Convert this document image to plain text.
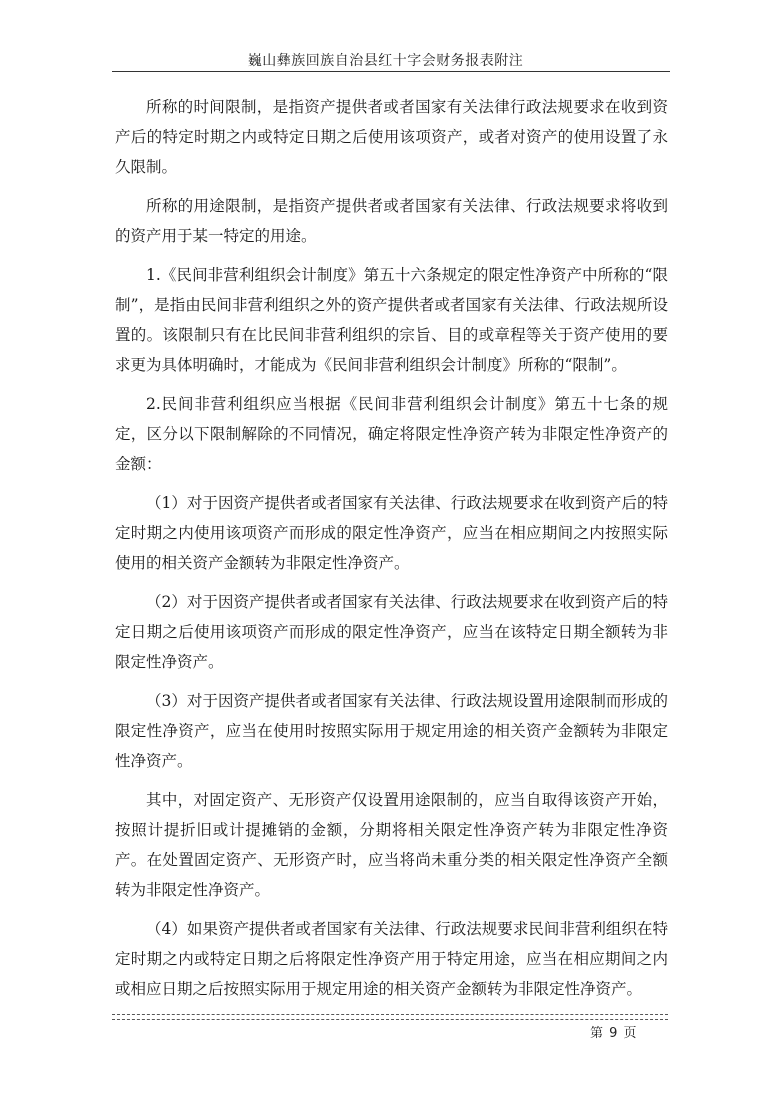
巍山彝族回族自治县红十字会财务报表附注

所称的时间限制，是指资产提供者或者国家有关法律行政法规要求在收到资产后的特定时期之内或特定日期之后使用该项资产，或者对资产的使用设置了永久限制。

所称的用途限制，是指资产提供者或者国家有关法律、行政法规要求将收到的资产用于某一特定的用途。

1.《民间非营利组织会计制度》第五十六条规定的限定性净资产中所称的“限制”，是指由民间非营利组织之外的资产提供者或者国家有关法律、行政法规所设置的。该限制只有在比民间非营利组织的宗旨、目的或章程等关于资产使用的要求更为具体明确时，才能成为《民间非营利组织会计制度》所称的“限制”。

2.民间非营利组织应当根据《民间非营利组织会计制度》第五十七条的规定，区分以下限制解除的不同情况，确定将限定性净资产转为非限定性净资产的金额：

（1）对于因资产提供者或者国家有关法律、行政法规要求在收到资产后的特定时期之内使用该项资产而形成的限定性净资产，应当在相应期间之内按照实际使用的相关资产金额转为非限定性净资产。

（2）对于因资产提供者或者国家有关法律、行政法规要求在收到资产后的特定日期之后使用该项资产而形成的限定性净资产，应当在该特定日期全额转为非限定性净资产。

（3）对于因资产提供者或者国家有关法律、行政法规设置用途限制而形成的限定性净资产，应当在使用时按照实际用于规定用途的相关资产金额转为非限定性净资产。

其中，对固定资产、无形资产仅设置用途限制的，应当自取得该资产开始，按照计提折旧或计提摊销的金额，分期将相关限定性净资产转为非限定性净资产。在处置固定资产、无形资产时，应当将尚未重分类的相关限定性净资产全额转为非限定性净资产。

（4）如果资产提供者或者国家有关法律、行政法规要求民间非营利组织在特定时期之内或特定日期之后将限定性净资产用于特定用途，应当在相应期间之内或相应日期之后按照实际用于规定用途的相关资产金额转为非限定性净资产。

第 9 页
